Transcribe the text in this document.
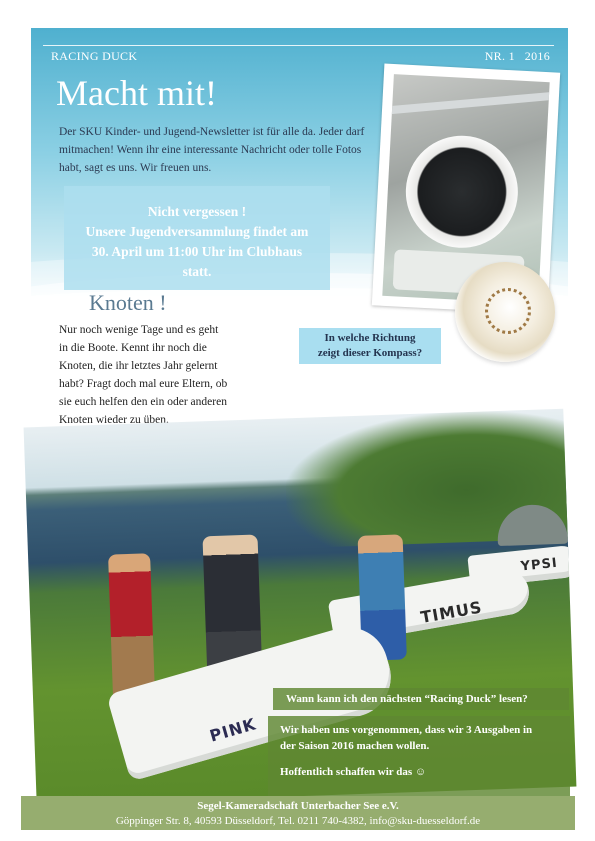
RACING DUCK	NR. 1   2016
Macht mit!

Der SKU Kinder- und Jugend-Newsletter ist für alle da. Jeder darf mitmachen! Wenn ihr eine interessante Nachricht oder tolle Fotos habt, sagt es uns. Wir freuen uns.

Nicht vergessen !
Unsere Jugendversammlung findet am
30. April um 11:00 Uhr im Clubhaus
statt.
In welche Richtung
zeigt dieser Kompass?
Knoten !

Nur noch wenige Tage und es geht in die Boote. Kennt ihr noch die Knoten, die ihr letztes Jahr gelernt habt? Fragt doch mal eure Eltern, ob sie euch helfen den ein oder anderen Knoten wieder zu üben.

PINK
TIMUS
YPSI
Wann kann ich den nächsten “Racing Duck” lesen?

Wir haben uns vorgenommen, dass wir 3 Ausgaben in

der Saison 2016 machen wollen.

Hoffentlich schaffen wir das ☺

Segel-Kameradschaft Unterbacher See e.V.
Göppinger Str. 8, 40593 Düsseldorf, Tel. 0211 740-4382, info@sku-duesseldorf.de
